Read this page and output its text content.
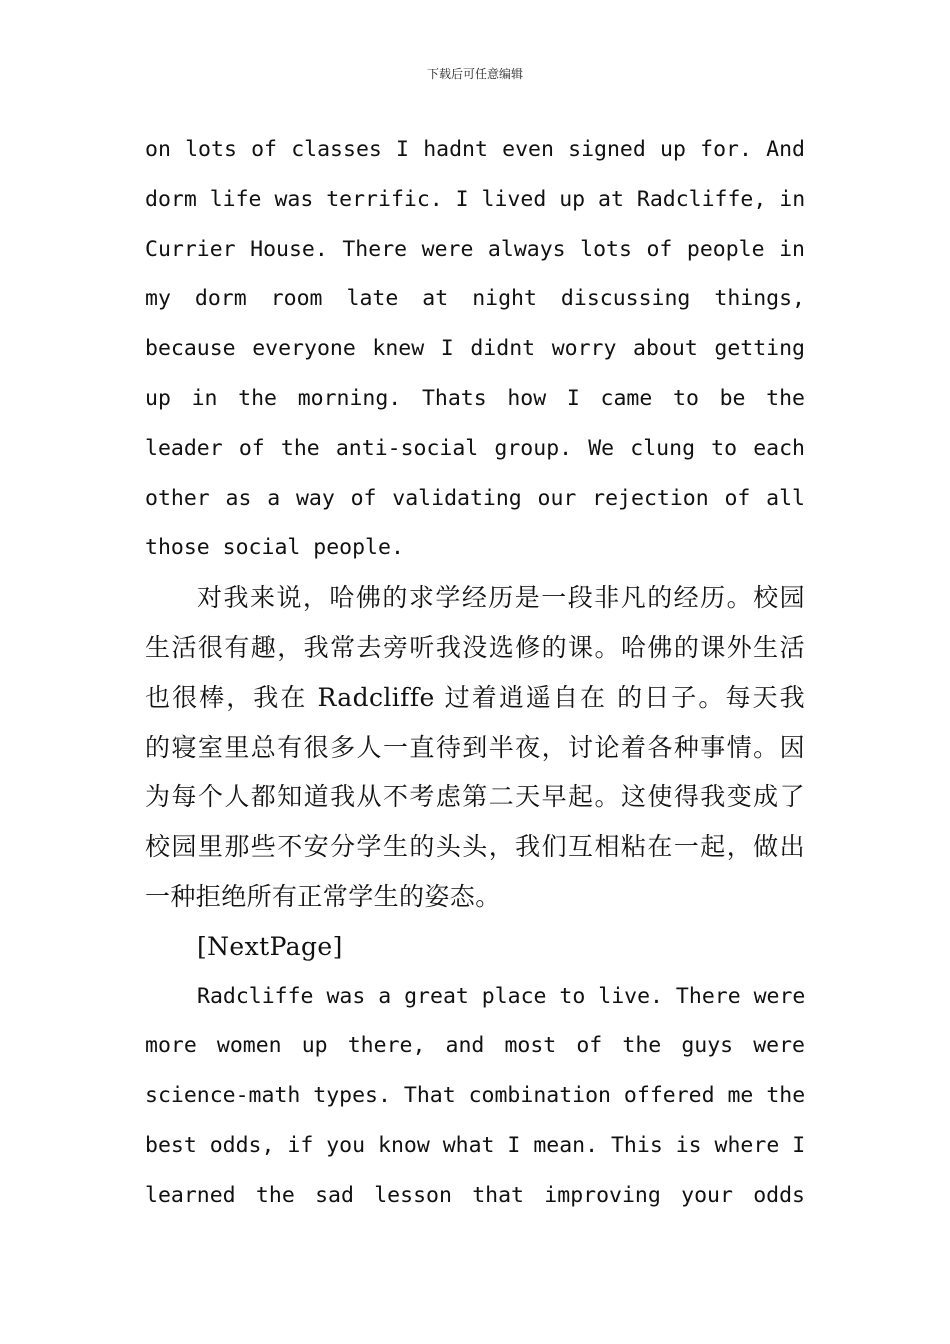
下载后可任意编辑
on lots of classes I hadnt even signed up for. And
dorm life was terrific. I lived up at Radcliffe, in
Currier House. There were always lots of people in
my dorm room late at night discussing things,
because everyone knew I didnt worry about getting
up in the morning. Thats how I came to be the
leader of the anti-social group. We clung to each
other as a way of validating our rejection of all
those social people.
对我来说，哈佛的求学经历是一段非凡的经历。校园
生活很有趣，我常去旁听我没选修的课。哈佛的课外生活
也很棒，我在 Radcliffe 过着逍遥自在 的日子。每天我
的寝室里总有很多人一直待到半夜，讨论着各种事情。因
为每个人都知道我从不考虑第二天早起。这使得我变成了
校园里那些不安分学生的头头，我们互相粘在一起，做出
一种拒绝所有正常学生的姿态。
[NextPage]
Radcliffe was a great place to live. There were
more women up there, and most of the guys were
science-math types. That combination offered me the
best odds, if you know what I mean. This is where I
learned the sad lesson that improving your odds
